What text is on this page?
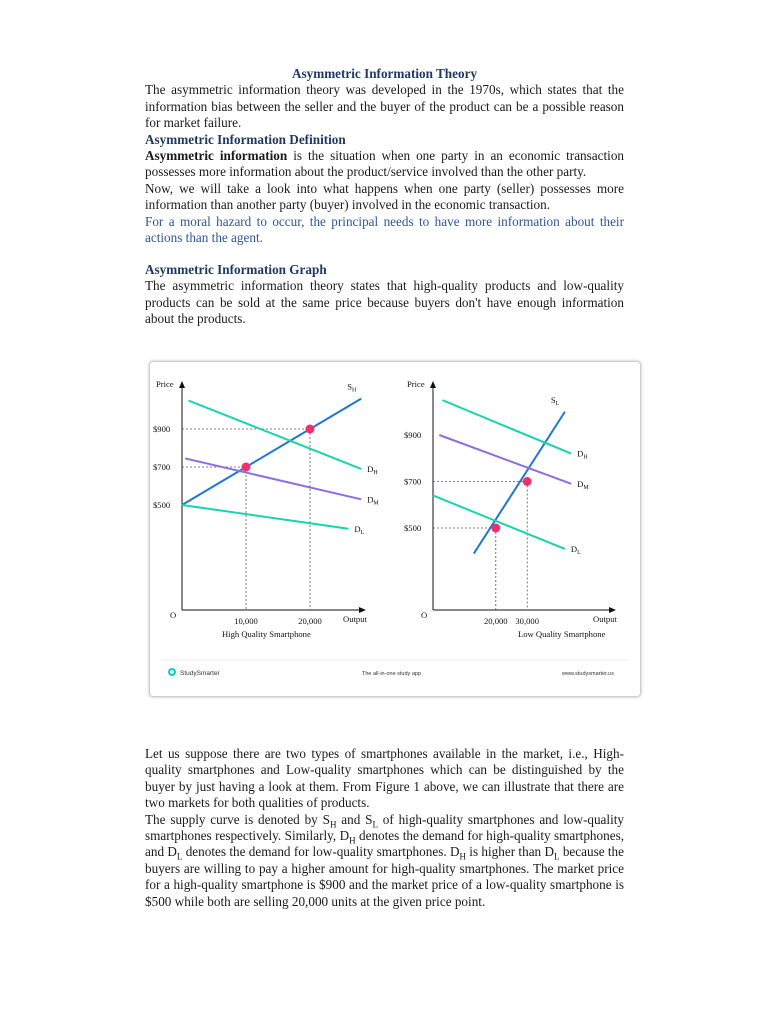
Asymmetric Information Theory

The asymmetric information theory was developed in the 1970s, which states that the information bias between the seller and the buyer of the product can be a possible reason for market failure.

Asymmetric Information Definition

Asymmetric information is the situation when one party in an economic transaction possesses more information about the product/service involved than the other party.

Now, we will take a look into what happens when one party (seller) possesses more information than another party (buyer) involved in the economic transaction.

For a moral hazard to occur, the principal needs to have more information about their actions than the agent.

Asymmetric Information Graph

The asymmetric information theory states that high-quality products and low-quality products can be sold at the same price because buyers don't have enough information about the products.

Price
O	Output
High Quality Smartphone
$900
$700
$500
10,000	20,000
$S_H$
$D_H$
$D_M$
$D_L$
Price
O	Output
Low Quality Smartphone
$900
$700
$500
20,000 30,000
$S_L$
$D_H$
$D_M$
$D_L$
StudySmarter	The all-in-one study app	www.studysmarter.us

Let us suppose there are two types of smartphones available in the market, i.e., High-quality smartphones and Low-quality smartphones which can be distinguished by the buyer by just having a look at them. From Figure 1 above, we can illustrate that there are two markets for both qualities of products.

The supply curve is denoted by $S_H$ and $S_L$ of high-quality smartphones and low-quality smartphones respectively. Similarly, $D_H$ denotes the demand for high-quality smartphones, and $D_L$ denotes the demand for low-quality smartphones. $D_H$ is higher than $D_L$ because the buyers are willing to pay a higher amount for high-quality smartphones. The market price for a high-quality smartphone is $900 and the market price of a low-quality smartphone is $500 while both are selling 20,000 units at the given price point.
